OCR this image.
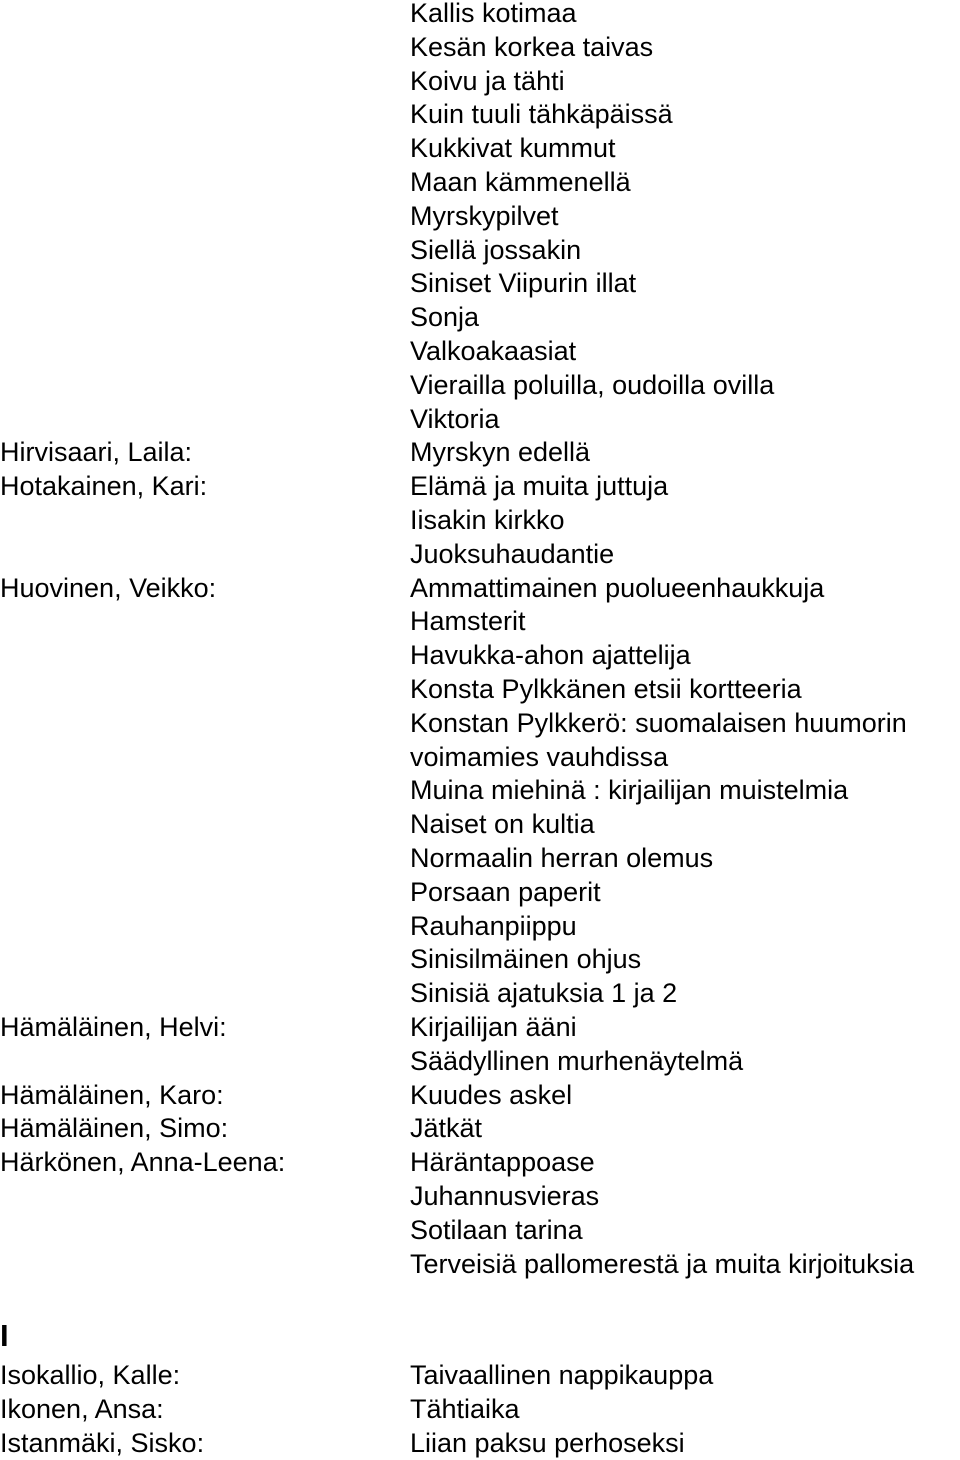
Kallis kotimaa
Kesän korkea taivas
Koivu ja tähti
Kuin tuuli tähkäpäissä
Kukkivat kummut
Maan kämmenellä
Myrskypilvet
Siellä jossakin
Siniset Viipurin illat
Sonja
Valkoakaasiat
Vierailla poluilla, oudoilla ovilla
Viktoria
Hirvisaari, Laila:	Myrskyn edellä
Hotakainen, Kari:	Elämä ja muita juttuja
Iisakin kirkko
Juoksuhaudantie
Huovinen, Veikko:	Ammattimainen puolueenhaukkuja
Hamsterit
Havukka-ahon ajattelija
Konsta Pylkkänen etsii kortteeria
Konstan Pylkkerö: suomalaisen huumorin
voimamies vauhdissa
Muina miehinä : kirjailijan muistelmia
Naiset on kultia
Normaalin herran olemus
Porsaan paperit
Rauhanpiippu
Sinisilmäinen ohjus
Sinisiä ajatuksia 1 ja 2
Hämäläinen, Helvi:	Kirjailijan ääni
Säädyllinen murhenäytelmä
Hämäläinen, Karo:	Kuudes askel
Hämäläinen, Simo:	Jätkät
Härkönen, Anna-Leena:	Häräntappoase
Juhannusvieras
Sotilaan tarina
Terveisiä pallomerestä ja muita kirjoituksia
I
Isokallio, Kalle:	Taivaallinen nappikauppa
Ikonen, Ansa:	Tähtiaika
Istanmäki, Sisko:	Liian paksu perhoseksi
